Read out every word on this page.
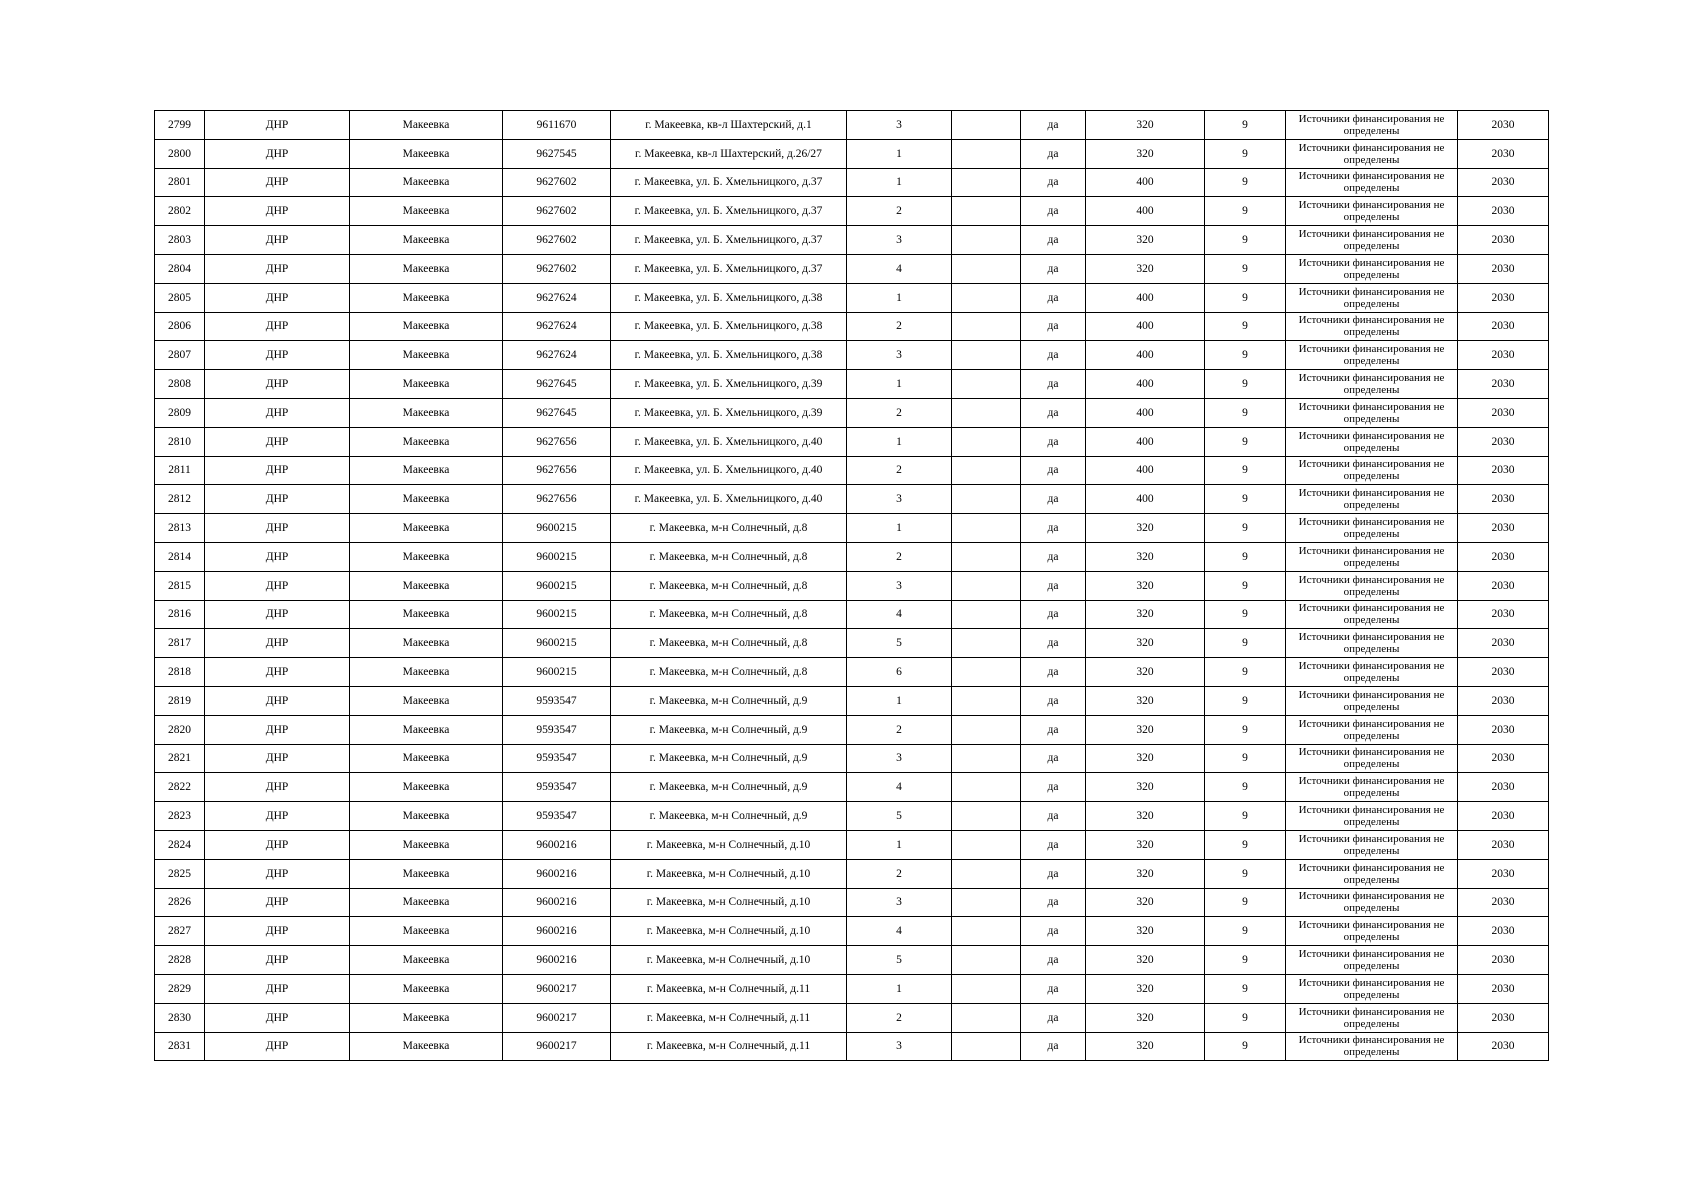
2799	ДНР	Макеевка	9611670	г. Макеевка, кв-л Шахтерский, д.1	3		да	320	9	Источники финансирования не определены	2030
2800	ДНР	Макеевка	9627545	г. Макеевка, кв-л Шахтерский, д.26/27	1		да	320	9	Источники финансирования не определены	2030
2801	ДНР	Макеевка	9627602	г. Макеевка, ул. Б. Хмельницкого, д.37	1		да	400	9	Источники финансирования не определены	2030
2802	ДНР	Макеевка	9627602	г. Макеевка, ул. Б. Хмельницкого, д.37	2		да	400	9	Источники финансирования не определены	2030
2803	ДНР	Макеевка	9627602	г. Макеевка, ул. Б. Хмельницкого, д.37	3		да	320	9	Источники финансирования не определены	2030
2804	ДНР	Макеевка	9627602	г. Макеевка, ул. Б. Хмельницкого, д.37	4		да	320	9	Источники финансирования не определены	2030
2805	ДНР	Макеевка	9627624	г. Макеевка, ул. Б. Хмельницкого, д.38	1		да	400	9	Источники финансирования не определены	2030
2806	ДНР	Макеевка	9627624	г. Макеевка, ул. Б. Хмельницкого, д.38	2		да	400	9	Источники финансирования не определены	2030
2807	ДНР	Макеевка	9627624	г. Макеевка, ул. Б. Хмельницкого, д.38	3		да	400	9	Источники финансирования не определены	2030
2808	ДНР	Макеевка	9627645	г. Макеевка, ул. Б. Хмельницкого, д.39	1		да	400	9	Источники финансирования не определены	2030
2809	ДНР	Макеевка	9627645	г. Макеевка, ул. Б. Хмельницкого, д.39	2		да	400	9	Источники финансирования не определены	2030
2810	ДНР	Макеевка	9627656	г. Макеевка, ул. Б. Хмельницкого, д.40	1		да	400	9	Источники финансирования не определены	2030
2811	ДНР	Макеевка	9627656	г. Макеевка, ул. Б. Хмельницкого, д.40	2		да	400	9	Источники финансирования не определены	2030
2812	ДНР	Макеевка	9627656	г. Макеевка, ул. Б. Хмельницкого, д.40	3		да	400	9	Источники финансирования не определены	2030
2813	ДНР	Макеевка	9600215	г. Макеевка, м-н Солнечный, д.8	1		да	320	9	Источники финансирования не определены	2030
2814	ДНР	Макеевка	9600215	г. Макеевка, м-н Солнечный, д.8	2		да	320	9	Источники финансирования не определены	2030
2815	ДНР	Макеевка	9600215	г. Макеевка, м-н Солнечный, д.8	3		да	320	9	Источники финансирования не определены	2030
2816	ДНР	Макеевка	9600215	г. Макеевка, м-н Солнечный, д.8	4		да	320	9	Источники финансирования не определены	2030
2817	ДНР	Макеевка	9600215	г. Макеевка, м-н Солнечный, д.8	5		да	320	9	Источники финансирования не определены	2030
2818	ДНР	Макеевка	9600215	г. Макеевка, м-н Солнечный, д.8	6		да	320	9	Источники финансирования не определены	2030
2819	ДНР	Макеевка	9593547	г. Макеевка, м-н Солнечный, д.9	1		да	320	9	Источники финансирования не определены	2030
2820	ДНР	Макеевка	9593547	г. Макеевка, м-н Солнечный, д.9	2		да	320	9	Источники финансирования не определены	2030
2821	ДНР	Макеевка	9593547	г. Макеевка, м-н Солнечный, д.9	3		да	320	9	Источники финансирования не определены	2030
2822	ДНР	Макеевка	9593547	г. Макеевка, м-н Солнечный, д.9	4		да	320	9	Источники финансирования не определены	2030
2823	ДНР	Макеевка	9593547	г. Макеевка, м-н Солнечный, д.9	5		да	320	9	Источники финансирования не определены	2030
2824	ДНР	Макеевка	9600216	г. Макеевка, м-н Солнечный, д.10	1		да	320	9	Источники финансирования не определены	2030
2825	ДНР	Макеевка	9600216	г. Макеевка, м-н Солнечный, д.10	2		да	320	9	Источники финансирования не определены	2030
2826	ДНР	Макеевка	9600216	г. Макеевка, м-н Солнечный, д.10	3		да	320	9	Источники финансирования не определены	2030
2827	ДНР	Макеевка	9600216	г. Макеевка, м-н Солнечный, д.10	4		да	320	9	Источники финансирования не определены	2030
2828	ДНР	Макеевка	9600216	г. Макеевка, м-н Солнечный, д.10	5		да	320	9	Источники финансирования не определены	2030
2829	ДНР	Макеевка	9600217	г. Макеевка, м-н Солнечный, д.11	1		да	320	9	Источники финансирования не определены	2030
2830	ДНР	Макеевка	9600217	г. Макеевка, м-н Солнечный, д.11	2		да	320	9	Источники финансирования не определены	2030
2831	ДНР	Макеевка	9600217	г. Макеевка, м-н Солнечный, д.11	3		да	320	9	Источники финансирования не определены	2030
